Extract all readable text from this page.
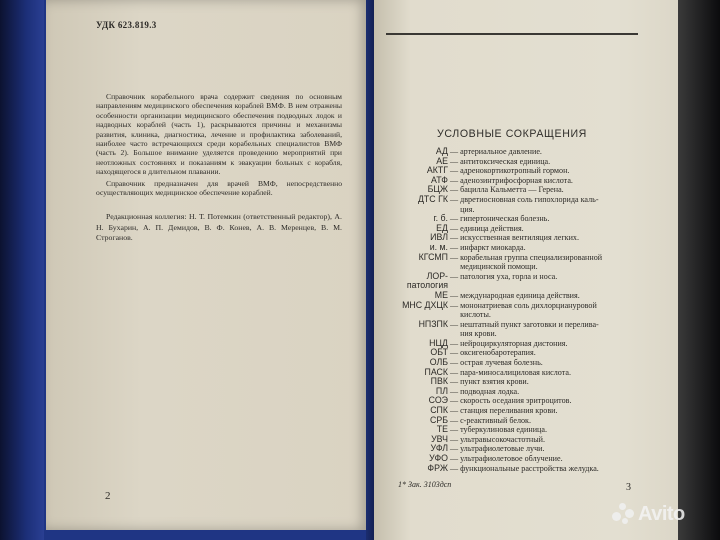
УДК 623.819.3

Справочник корабельного врача содержит сведения по основным направлениям медицинского обеспечения кораблей ВМФ. В нем отражены особенности организации медицинского обеспечения подводных лодок и надводных кораблей (часть 1), раскрываются причины и механизмы развития, клиника, диагностика, лечение и профилактика заболеваний, наиболее часто встречающихся среди корабельных специалистов ВМФ (часть 2). Большое внимание уделяется проведению мероприятий при неотложных состояниях и показаниям к эвакуации больных с корабля, находящегося в длительном плавании.

Справочник предназначен для врачей ВМФ, непосредственно осуществляющих медицинское обеспечение кораблей.

Редакционная коллегия: Н. Т. Потемкин (ответственный редактор), А. Н. Бухарин, А. П. Демидов, В. Ф. Конев, А. В. Меренцев, В. М. Строганов.
2
УСЛОВНЫЕ СОКРАЩЕНИЯ
АД — артериальное давление.
АЕ — антитоксическая единица.
АКТГ — адренокортикотропный гормон.
АТФ — аденозинтрифосфорная кислота.
БЦЖ — бацилла Кальметта — Герена.
ДТС ГК — двретиосновная соль гипохлорида каль-
ция.
г. б. — гипертоническая болезнь.
ЕД — единица действия.
ИВЛ — искусственная вентиляция легких.
и. м. — инфаркт миокарда.
КГСМП — корабельная группа специализированной
медицинской помощи.
ЛОР-патология
— патология уха, горла и носа.
МЕ — международная единица действия.
МНС ДХЦК — мононатриевая соль дихлорциануровой
кислоты.
НПЗПК — нештатный пункт заготовки и перелива-
ния крови.
НЦД — нейроциркуляторная дистония.
ОБТ — оксигенобаротерапия.
ОЛБ — острая лучевая болезнь.
ПАСК — пара-миносалициловая кислота.
ПВК — пункт взятия крови.
ПЛ — подводная лодка.
СОЭ — скорость оседания эритроцитов.
СПК — станция переливания крови.
СРБ — с-реактивный белок.
ТЕ — туберкулиновая единица.
УВЧ — ультравысокочастотный.
УФЛ — ультрафиолетовые лучи.
УФО — ультрафиолетовое облучение.
ФРЖ — функциональные расстройства желудка.
1* Зак. 3103дсп	3
Avito
